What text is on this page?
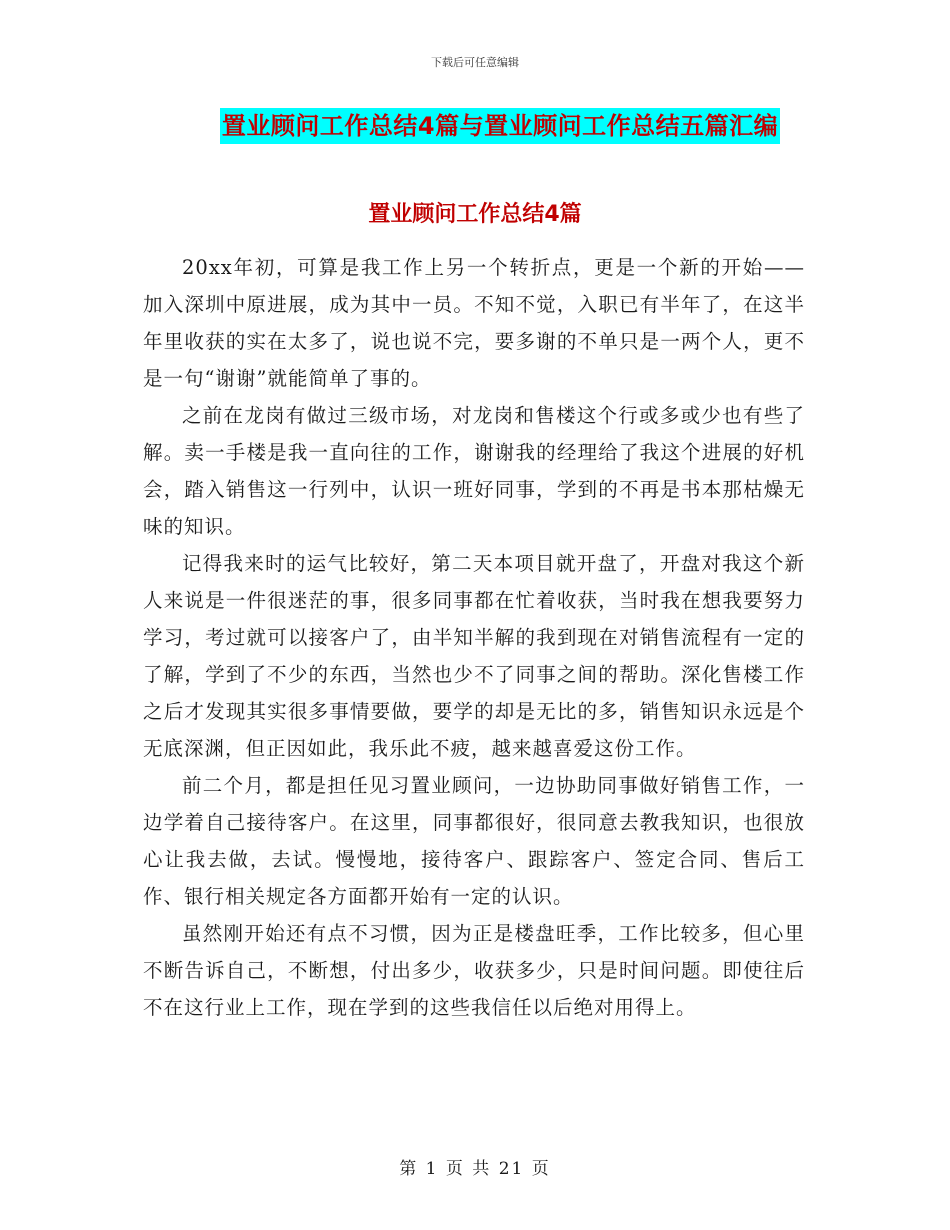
下载后可任意编辑
置业顾问工作总结4篇与置业顾问工作总结五篇汇编
置业顾问工作总结4篇

20xx年初，可算是我工作上另一个转折点，更是一个新的开始——加入深圳中原进展，成为其中一员。不知不觉，入职已有半年了，在这半年里收获的实在太多了，说也说不完，要多谢的不单只是一两个人，更不是一句“谢谢”就能简单了事的。

之前在龙岗有做过三级市场，对龙岗和售楼这个行或多或少也有些了解。卖一手楼是我一直向往的工作，谢谢我的经理给了我这个进展的好机会，踏入销售这一行列中，认识一班好同事，学到的不再是书本那枯燥无味的知识。

记得我来时的运气比较好，第二天本项目就开盘了，开盘对我这个新人来说是一件很迷茫的事，很多同事都在忙着收获，当时我在想我要努力学习，考过就可以接客户了，由半知半解的我到现在对销售流程有一定的了解，学到了不少的东西，当然也少不了同事之间的帮助。深化售楼工作之后才发现其实很多事情要做，要学的却是无比的多，销售知识永远是个无底深渊，但正因如此，我乐此不疲，越来越喜爱这份工作。

前二个月，都是担任见习置业顾问，一边协助同事做好销售工作，一边学着自己接待客户。在这里，同事都很好，很同意去教我知识，也很放心让我去做，去试。慢慢地，接待客户、跟踪客户、签定合同、售后工作、银行相关规定各方面都开始有一定的认识。

虽然刚开始还有点不习惯，因为正是楼盘旺季，工作比较多，但心里不断告诉自己，不断想，付出多少，收获多少，只是时间问题。即使往后不在这行业上工作，现在学到的这些我信任以后绝对用得上。

第 1 页 共 21 页
